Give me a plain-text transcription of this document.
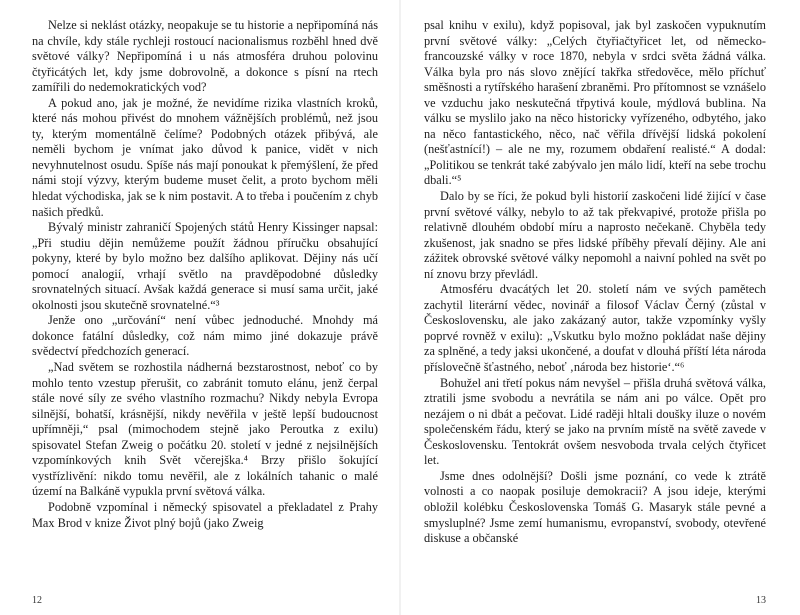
Nelze si neklást otázky, neopakuje se tu historie a nepřipomíná nás na chvíle, kdy stále rychleji rostoucí nacionalismus rozběhl hned dvě světové války? Nepřipomíná i u nás atmosféra druhou polovinu čtyřicátých let, kdy jsme dobrovolně, a dokonce s písní na rtech zamířili do nedemokratických vod?

A pokud ano, jak je možné, že nevidíme rizika vlastních kroků, které nás mohou přivést do mnohem vážnějších problémů, než jsou ty, kterým momentálně čelíme? Podobných otázek přibývá, ale neměli bychom je vnímat jako důvod k panice, vidět v nich nevyhnutelnost osudu. Spíše nás mají ponoukat k přemýšlení, že před námi stojí výzvy, kterým budeme muset čelit, a proto bychom měli hledat východiska, jak se k nim postavit. A to třeba i poučením z chyb našich předků.

Bývalý ministr zahraničí Spojených států Henry Kissinger napsal: „Při studiu dějin nemůžeme použít žádnou příručku obsahující pokyny, které by bylo možno bez dalšího aplikovat. Dějiny nás učí pomocí analogií, vrhají světlo na pravděpodobné důsledky srovnatelných situací. Avšak každá generace si musí sama určit, jaké okolnosti jsou skutečně srovnatelné.“³

Jenže ono „určování“ není vůbec jednoduché. Mnohdy má dokonce fatální důsledky, což nám mimo jiné dokazuje právě svědectví předchozích generací.

„Nad světem se rozhostila nádherná bezstarostnost, neboť co by mohlo tento vzestup přerušit, co zabránit tomuto elánu, jenž čerpal stále nové síly ze svého vlastního rozmachu? Nikdy nebyla Evropa silnější, bohatší, krásnější, nikdy nevěřila v ještě lepší budoucnost upřímněji,“ psal (mimochodem stejně jako Peroutka z exilu) spisovatel Stefan Zweig o počátku 20. století v jedné z nejsilnějších vzpomínkových knih Svět včerejška.⁴ Brzy přišlo šokující vystřízlivění: nikdo tomu nevěřil, ale z lokálních tahanic o malé území na Balkáně vypukla první světová válka.

Podobně vzpomínal i německý spisovatel a překladatel z Prahy Max Brod v knize Život plný bojů (jako Zweig

12

psal knihu v exilu), když popisoval, jak byl zaskočen vypuknutím první světové války: „Celých čtyřiačtyřicet let, od německo-francouzské války v roce 1870, nebyla v srdci světa žádná válka. Válka byla pro nás slovo znějící takřka středověce, mělo příchuť směšnosti a rytířského harašení zbraněmi. Pro přítomnost se vznášelo ve vzduchu jako neskutečná třpytivá koule, mýdlová bublina. Na válku se myslilo jako na něco historicky vyřízeného, odbytého, jako na něco fantastického, něco, nač věřila dřívější lidská pokolení (nešťastnící!) – ale ne my, rozumem obdaření realisté.“ A dodal: „Politikou se tenkrát také zabývalo jen málo lidí, kteří na sebe trochu dbali.“⁵

Dalo by se říci, že pokud byli historií zaskočeni lidé žijící v čase první světové války, nebylo to až tak překvapivé, protože přišla po relativně dlouhém období míru a naprosto nečekaně. Chyběla tedy zkušenost, jak snadno se přes lidské příběhy převalí dějiny. Ale ani zážitek obrovské světové války nepomohl a naivní pohled na svět po ní znovu brzy převládl.

Atmosféru dvacátých let 20. století nám ve svých pamětech zachytil literární vědec, novinář a filosof Václav Černý (zůstal v Československu, ale jako zakázaný autor, takže vzpomínky vyšly poprvé rovněž v exilu): „Vskutku bylo možno pokládat naše dějiny za splněné, a tedy jaksi ukončené, a doufat v dlouhá příští léta národa příslovečně šťastného, neboť ‚národa bez historie‘.“⁶

Bohužel ani třetí pokus nám nevyšel – přišla druhá světová válka, ztratili jsme svobodu a nevrátila se nám ani po válce. Opět pro nezájem o ni dbát a pečovat. Lidé raději hltali doušky iluze o novém společenském řádu, který se jako na prvním místě na světě zavede v Československu. Tentokrát ovšem nesvoboda trvala celých čtyřicet let.

Jsme dnes odolnější? Došli jsme poznání, co vede k ztrátě volnosti a co naopak posiluje demokracii? A jsou ideje, kterými obložil kolébku Československa Tomáš G. Masaryk stále pevné a smysluplné? Jsme zemí humanismu, evropanství, svobody, otevřené diskuse a občanské

13
